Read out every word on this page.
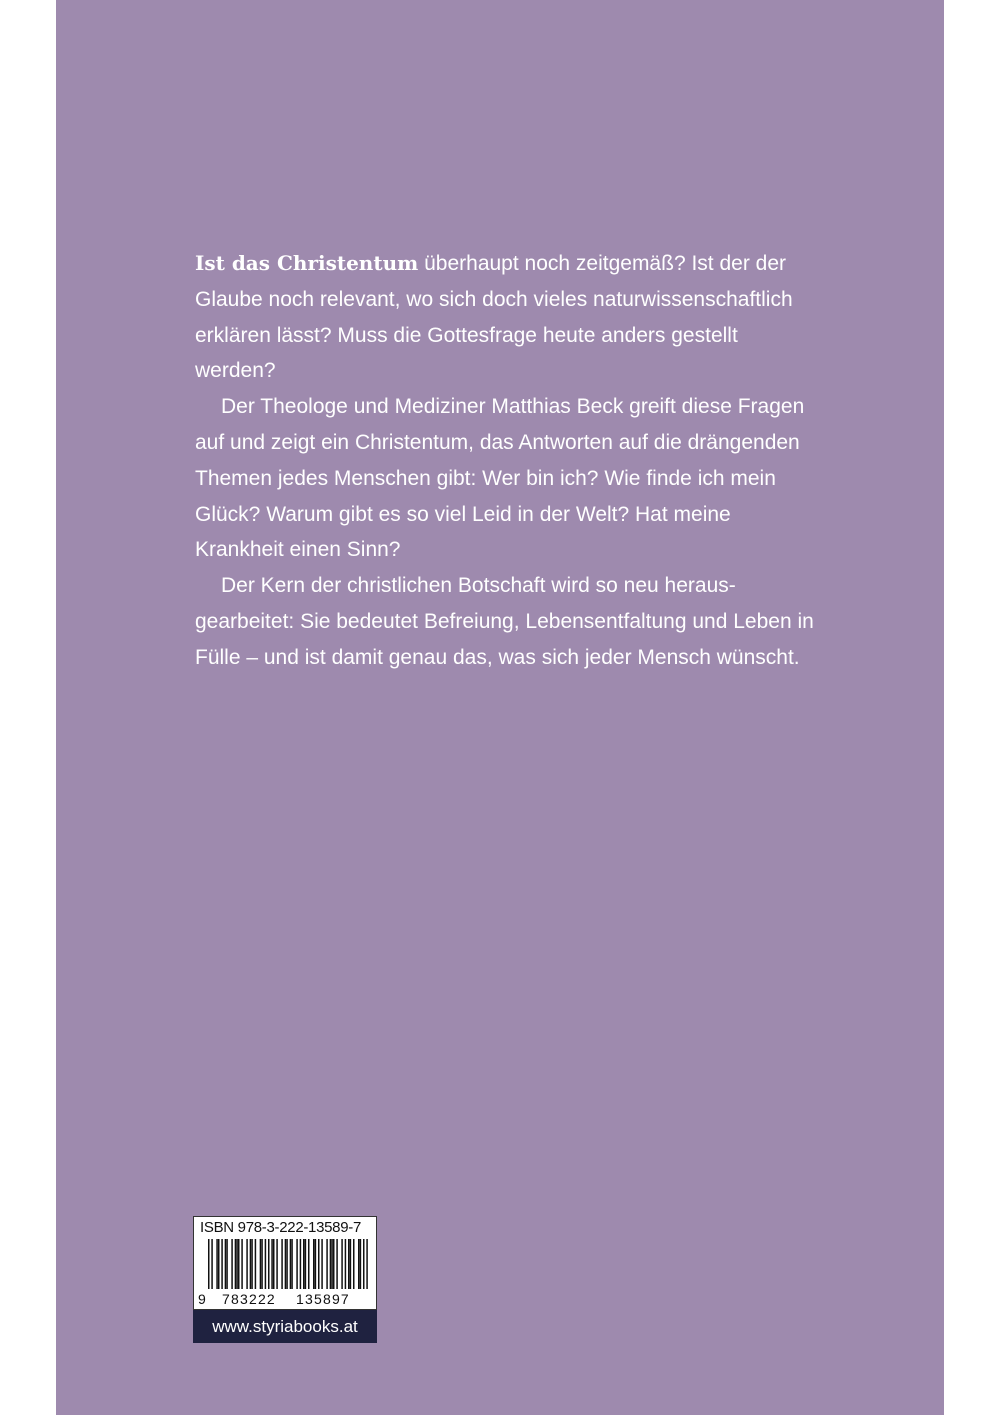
Ist das Christentum überhaupt noch zeitgemäß? Ist der der Glaube noch relevant, wo sich doch vieles naturwissenschaftlich erklären lässt? Muss die Gottesfrage heute anders gestellt werden?

Der Theologe und Mediziner Matthias Beck greift diese Fragen auf und zeigt ein Christentum, das Antworten auf die drängenden Themen jedes Menschen gibt: Wer bin ich? Wie finde ich mein Glück? Warum gibt es so viel Leid in der Welt? Hat meine Krankheit einen Sinn?

Der Kern der christlichen Botschaft wird so neu herausgearbeitet: Sie bedeutet Befreiung, Lebensentfaltung und Leben in Fülle – und ist damit genau das, was sich jeder Mensch wünscht.

ISBN 978-3-222-13589-7
9 783222 135897
www.styriabooks.at
